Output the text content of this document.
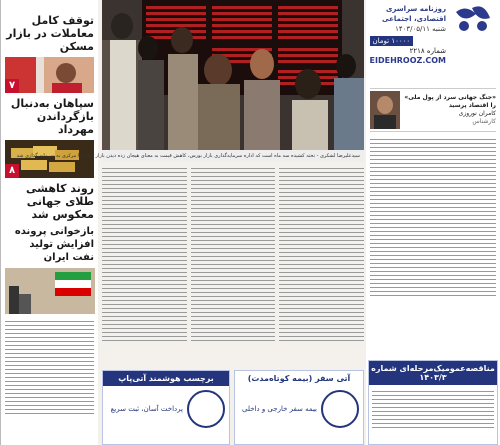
توقف کامل معاملات در بازار مسکن
۷
سپاهان به‌دنبال بازگرداندن مهرداد
۸
روند کاهشی طلای جهانی معکوس شد
بازخوانی پرونده افزایش تولید نفت ایران
سیدعلیرضا لشکری - تخته کشیده سه ماه است که اداره سرمایه‌گذاری بازار بورس، کاهش قیمت به معنای هیجان‌ زده دیدن بازار پول ویتا مرکزی به سرمایه‌ گذاری شد
برچسب هوشمند آتی‌پاپ
پرداخت آسان، ثبت سریع
آتی سفر (بیمه کوتاه‌مدت)
بیمه سفر خارجی و داخلی
روزنامه سراسری اقتصادی، اجتماعی
شنبه ۱۴۰۳/۰۵/۱۱
۱۰۰۰۰ تومان
شماره ۲۲۱۸
EIDEHROOZ.COM
«جنگ جهانی سرد از پول ملی» را اقتصاد پرسید
کامران نوروزی
کارشناس
مناقصه‌عمومیک‌مرحله‌ای شماره ۱۴۰۳/۳
